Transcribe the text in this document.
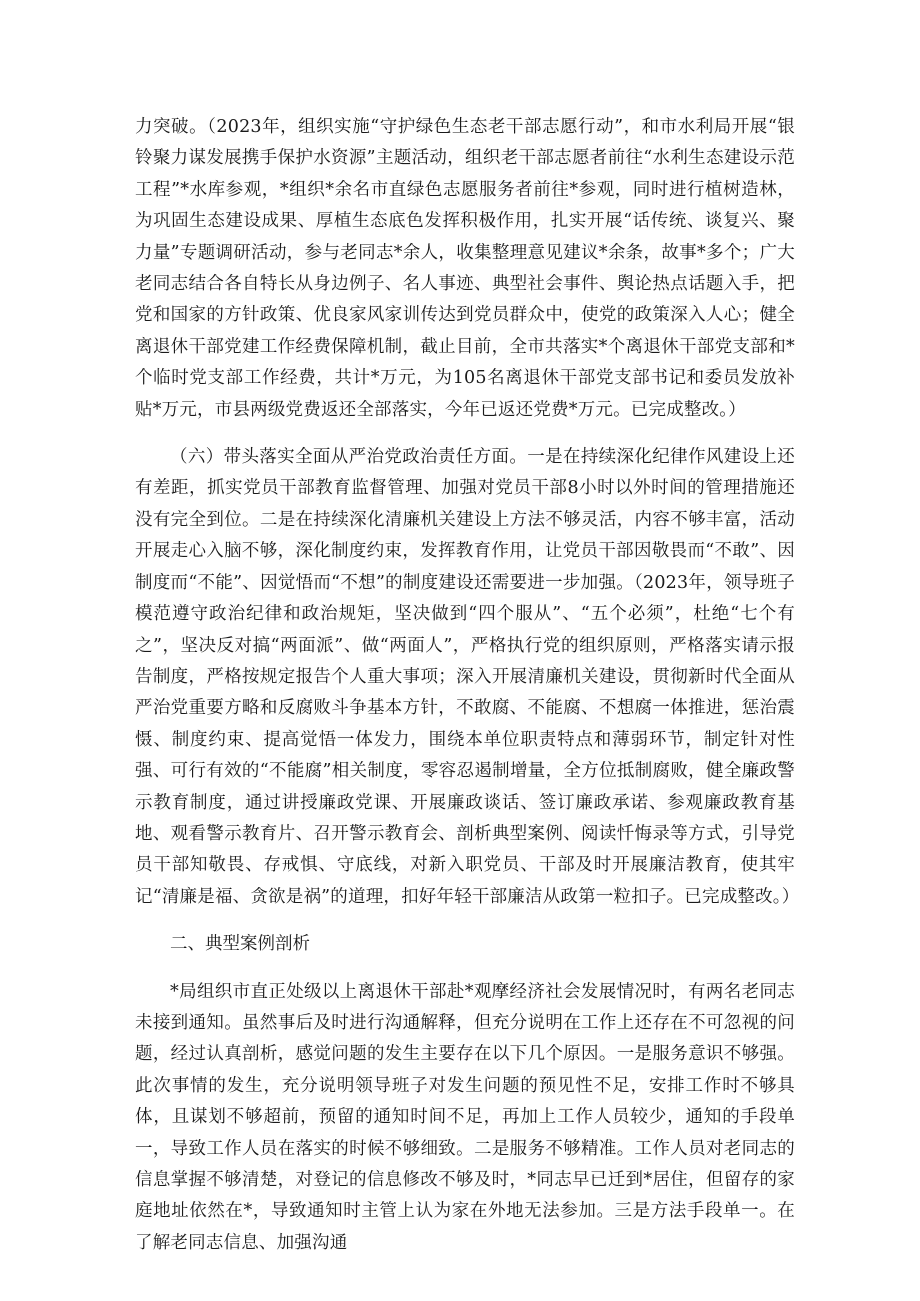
力突破。（2023年，组织实施“守护绿色生态老干部志愿行动”，和市水利局开展“银铃聚力谋发展携手保护水资源”主题活动，组织老干部志愿者前往“水利生态建设示范工程”*水库参观，*组织*余名市直绿色志愿服务者前往*参观，同时进行植树造林，为巩固生态建设成果、厚植生态底色发挥积极作用，扎实开展“话传统、谈复兴、聚力量”专题调研活动，参与老同志*余人，收集整理意见建议*余条，故事*多个；广大老同志结合各自特长从身边例子、名人事迹、典型社会事件、舆论热点话题入手，把党和国家的方针政策、优良家风家训传达到党员群众中，使党的政策深入人心；健全离退休干部党建工作经费保障机制，截止目前，全市共落实*个离退休干部党支部和*个临时党支部工作经费，共计*万元，为105名离退休干部党支部书记和委员发放补贴*万元，市县两级党费返还全部落实，今年已返还党费*万元。已完成整改。）

（六）带头落实全面从严治党政治责任方面。一是在持续深化纪律作风建设上还有差距，抓实党员干部教育监督管理、加强对党员干部8小时以外时间的管理措施还没有完全到位。二是在持续深化清廉机关建设上方法不够灵活，内容不够丰富，活动开展走心入脑不够，深化制度约束，发挥教育作用，让党员干部因敬畏而“不敢”、因制度而“不能”、因觉悟而“不想”的制度建设还需要进一步加强。（2023年，领导班子模范遵守政治纪律和政治规矩，坚决做到“四个服从”、“五个必须”，杜绝“七个有之”，坚决反对搞“两面派”、做“两面人”，严格执行党的组织原则，严格落实请示报告制度，严格按规定报告个人重大事项；深入开展清廉机关建设，贯彻新时代全面从严治党重要方略和反腐败斗争基本方针，不敢腐、不能腐、不想腐一体推进，惩治震慑、制度约束、提高觉悟一体发力，围绕本单位职责特点和薄弱环节，制定针对性强、可行有效的“不能腐”相关制度，零容忍遏制增量，全方位抵制腐败，健全廉政警示教育制度，通过讲授廉政党课、开展廉政谈话、签订廉政承诺、参观廉政教育基地、观看警示教育片、召开警示教育会、剖析典型案例、阅读忏悔录等方式，引导党员干部知敬畏、存戒惧、守底线，对新入职党员、干部及时开展廉洁教育，使其牢记“清廉是福、贪欲是祸”的道理，扣好年轻干部廉洁从政第一粒扣子。已完成整改。）

二、典型案例剖析

*局组织市直正处级以上离退休干部赴*观摩经济社会发展情况时，有两名老同志未接到通知。虽然事后及时进行沟通解释，但充分说明在工作上还存在不可忽视的问题，经过认真剖析，感觉问题的发生主要存在以下几个原因。一是服务意识不够强。此次事情的发生，充分说明领导班子对发生问题的预见性不足，安排工作时不够具体，且谋划不够超前，预留的通知时间不足，再加上工作人员较少，通知的手段单一，导致工作人员在落实的时候不够细致。二是服务不够精准。工作人员对老同志的信息掌握不够清楚，对登记的信息修改不够及时，*同志早已迁到*居住，但留存的家庭地址依然在*，导致通知时主管上认为家在外地无法参加。三是方法手段单一。在了解老同志信息、加强沟通
